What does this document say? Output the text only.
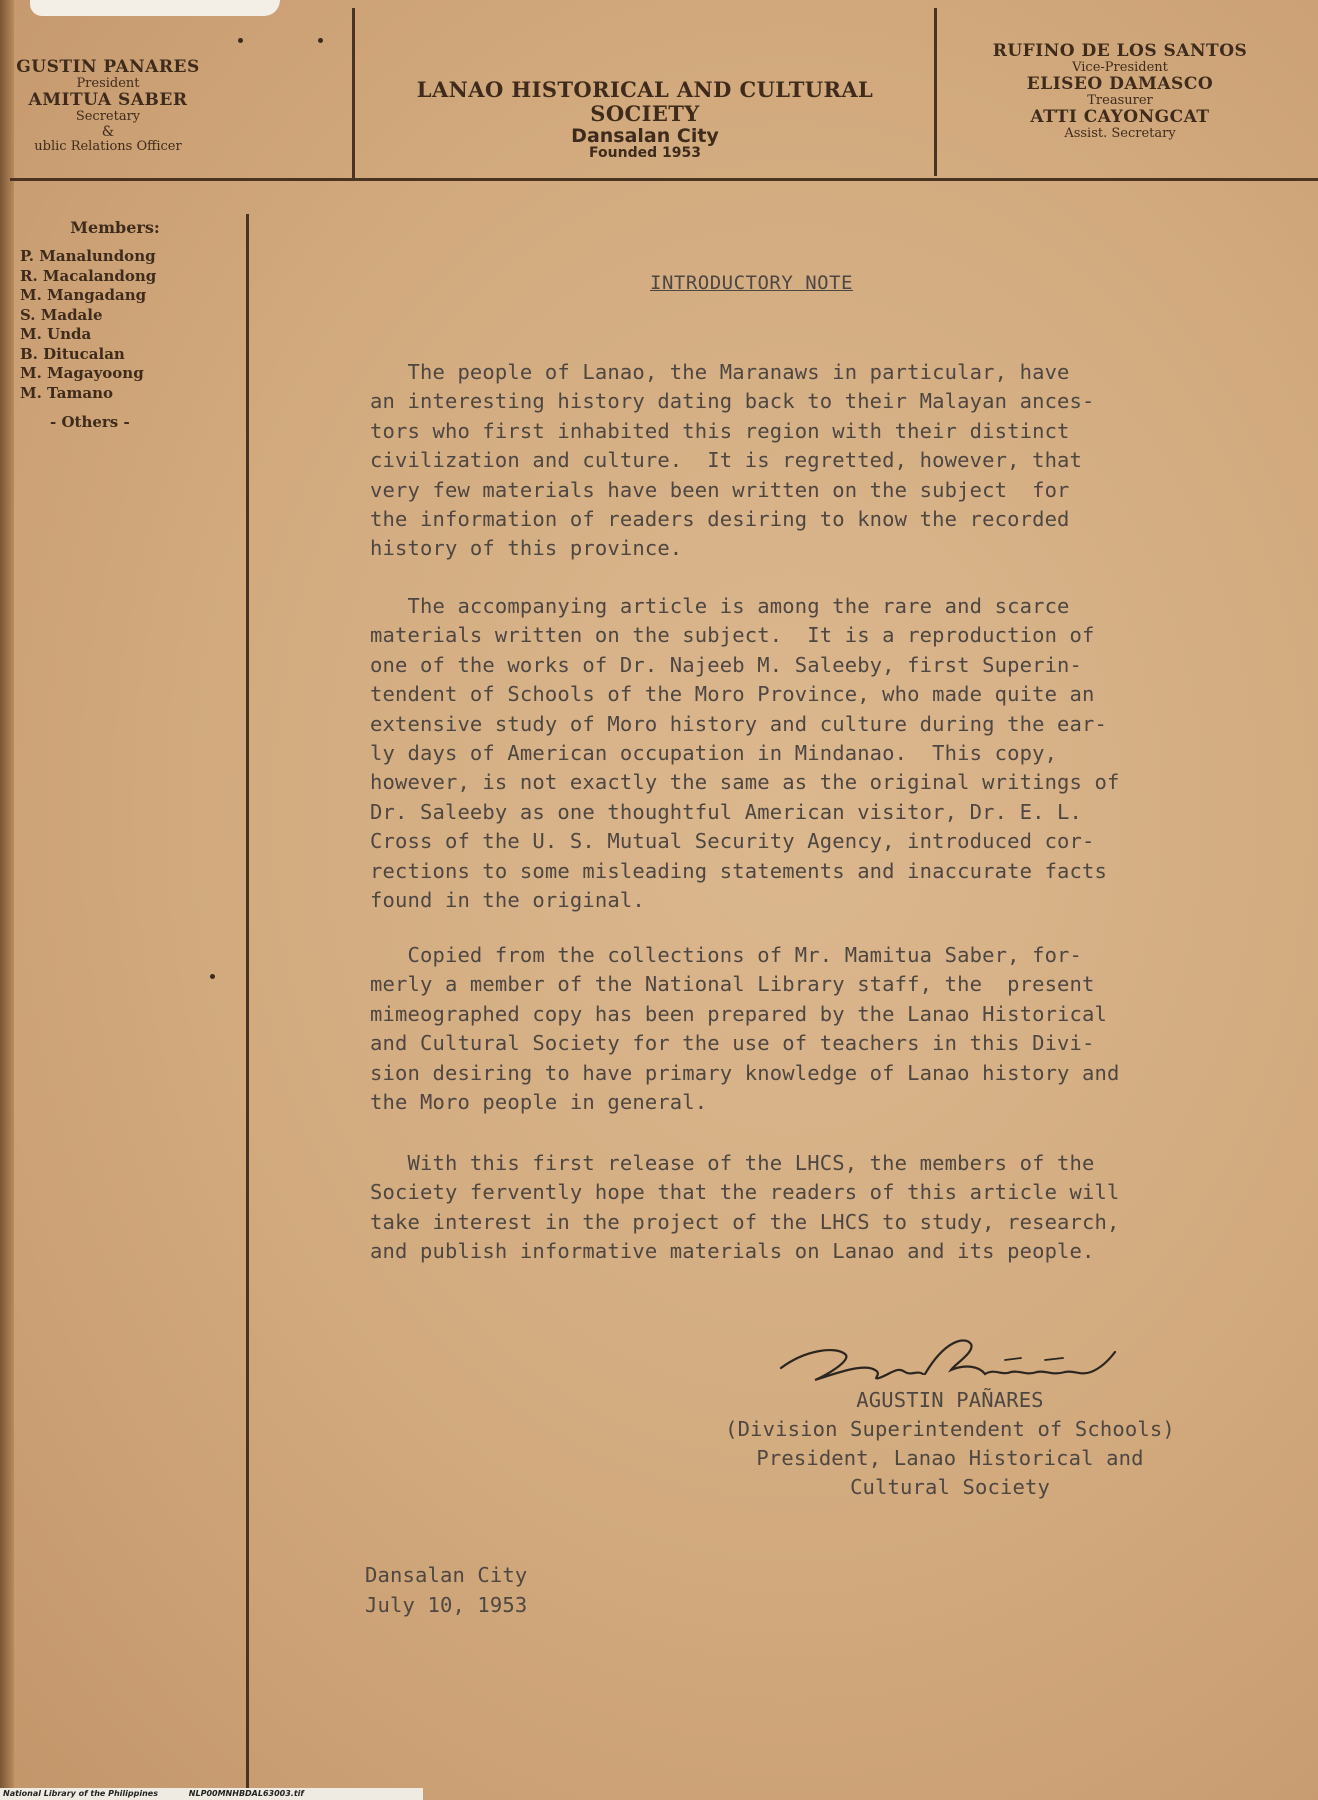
GUSTIN PANARES
President
AMITUA SABER
Secretary
&
ublic Relations Officer
LANAO HISTORICAL AND CULTURAL SOCIETY
Dansalan City
Founded 1953
RUFINO DE LOS SANTOS
Vice-President
ELISEO DAMASCO
Treasurer
ATTI CAYONGCAT
Assist. Secretary
Members:
P. Manalundong
R. Macalandong
M. Mangadang
S. Madale
M. Unda
B. Ditucalan
M. Magayoong
M. Tamano
- Others -
INTRODUCTORY NOTE
The people of Lanao, the Maranaws in particular, have
an interesting history dating back to their Malayan ances-
tors who first inhabited this region with their distinct
civilization and culture.  It is regretted, however, that
very few materials have been written on the subject  for
the information of readers desiring to know the recorded
history of this province.
The accompanying article is among the rare and scarce
materials written on the subject.  It is a reproduction of
one of the works of Dr. Najeeb M. Saleeby, first Superin-
tendent of Schools of the Moro Province, who made quite an
extensive study of Moro history and culture during the ear-
ly days of American occupation in Mindanao.  This copy,
however, is not exactly the same as the original writings of
Dr. Saleeby as one thoughtful American visitor, Dr. E. L.
Cross of the U. S. Mutual Security Agency, introduced cor-
rections to some misleading statements and inaccurate facts
found in the original.
Copied from the collections of Mr. Mamitua Saber, for-
merly a member of the National Library staff, the  present
mimeographed copy has been prepared by the Lanao Historical
and Cultural Society for the use of teachers in this Divi-
sion desiring to have primary knowledge of Lanao history and
the Moro people in general.
With this first release of the LHCS, the members of the
Society fervently hope that the readers of this article will
take interest in the project of the LHCS to study, research,
and publish informative materials on Lanao and its people.
AGUSTIN PAÑARES
(Division Superintendent of Schools)
President, Lanao Historical and
Cultural Society
Dansalan City
July 10, 1953
National Library of the Philippines	NLP00MNHBDAL63003.tif
